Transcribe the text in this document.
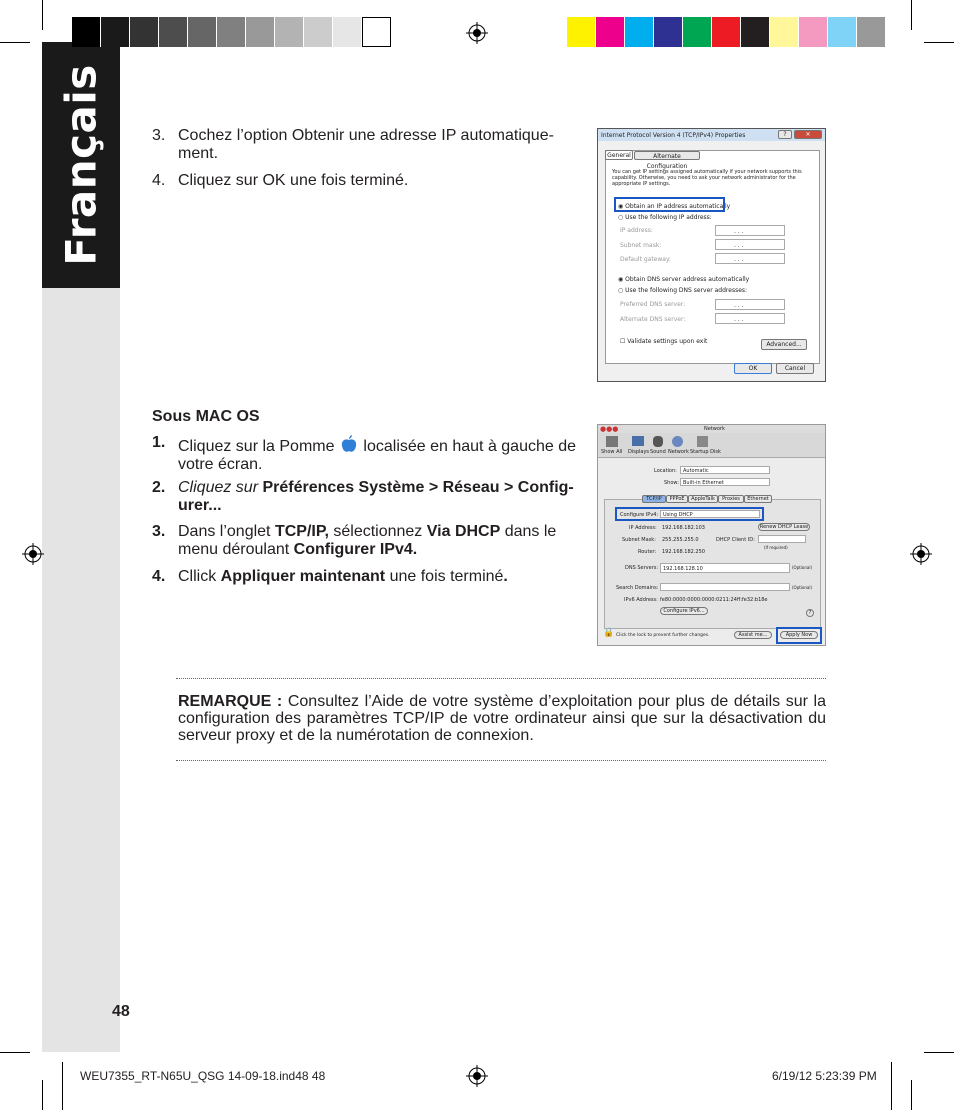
Français	3. Cochez l’option Obtenir une adresse IP automatique-ment.
4. Cliquez sur OK une fois terminé.
Internet Protocol Version 4 (TCP/IPv4) Properties	?	✕
General	Alternate Configuration
You can get IP settings assigned automatically if your network supports this capability. Otherwise, you need to ask your network administrator for the appropriate IP settings.
◉ Obtain an IP address automatically
○ Use the following IP address:
IP address:
Subnet mask:
Default gateway:
. . .
. . .
. . .
◉ Obtain DNS server address automatically
○ Use the following DNS server addresses:
Preferred DNS server:
Alternate DNS server:
. . .
. . .
☐ Validate settings upon exit	Advanced...
OK	Cancel
Sous MAC OS
1. Cliquez sur la Pomme localisée en haut à gauche de votre écran.
2. Cliquez sur Préférences Système > Réseau > Config-urer...
3. Dans l’onglet TCP/IP, sélectionnez Via DHCP dans le menu déroulant Configurer IPv4.
4. Cllick Appliquer maintenant une fois terminé.
●●●	Network
Show All Displays Sound Network Startup Disk
Location: Automatic
Show: Built-in Ethernet
TCP/IP	PPPoE	AppleTalk	Proxies	Ethernet
Configure IPv4: Using DHCP
IP Address: 192.168.182.103	Renew DHCP Lease
Subnet Mask: 255.255.255.0	DHCP Client ID:
(If required)
Router: 192.168.182.250
DNS Servers: 192.168.128.10	(Optional)
Search Domains:	(Optional)
IPv6 Address: fe80:0000:0000:0000:0211:24ff:fe32:b18e
Configure IPv6...	?
🔒 Click the lock to prevent further changes.	Assist me...	Apply Now
REMARQUE : Consultez l’Aide de votre système d’exploitation pour plus de détails sur la configuration des paramètres TCP/IP de votre ordinateur ainsi que sur la désactivation du serveur proxy et de la numérotation de connexion.
48
WEU7355_RT-N65U_QSG 14-09-18.ind48 48	6/19/12 5:23:39 PM
